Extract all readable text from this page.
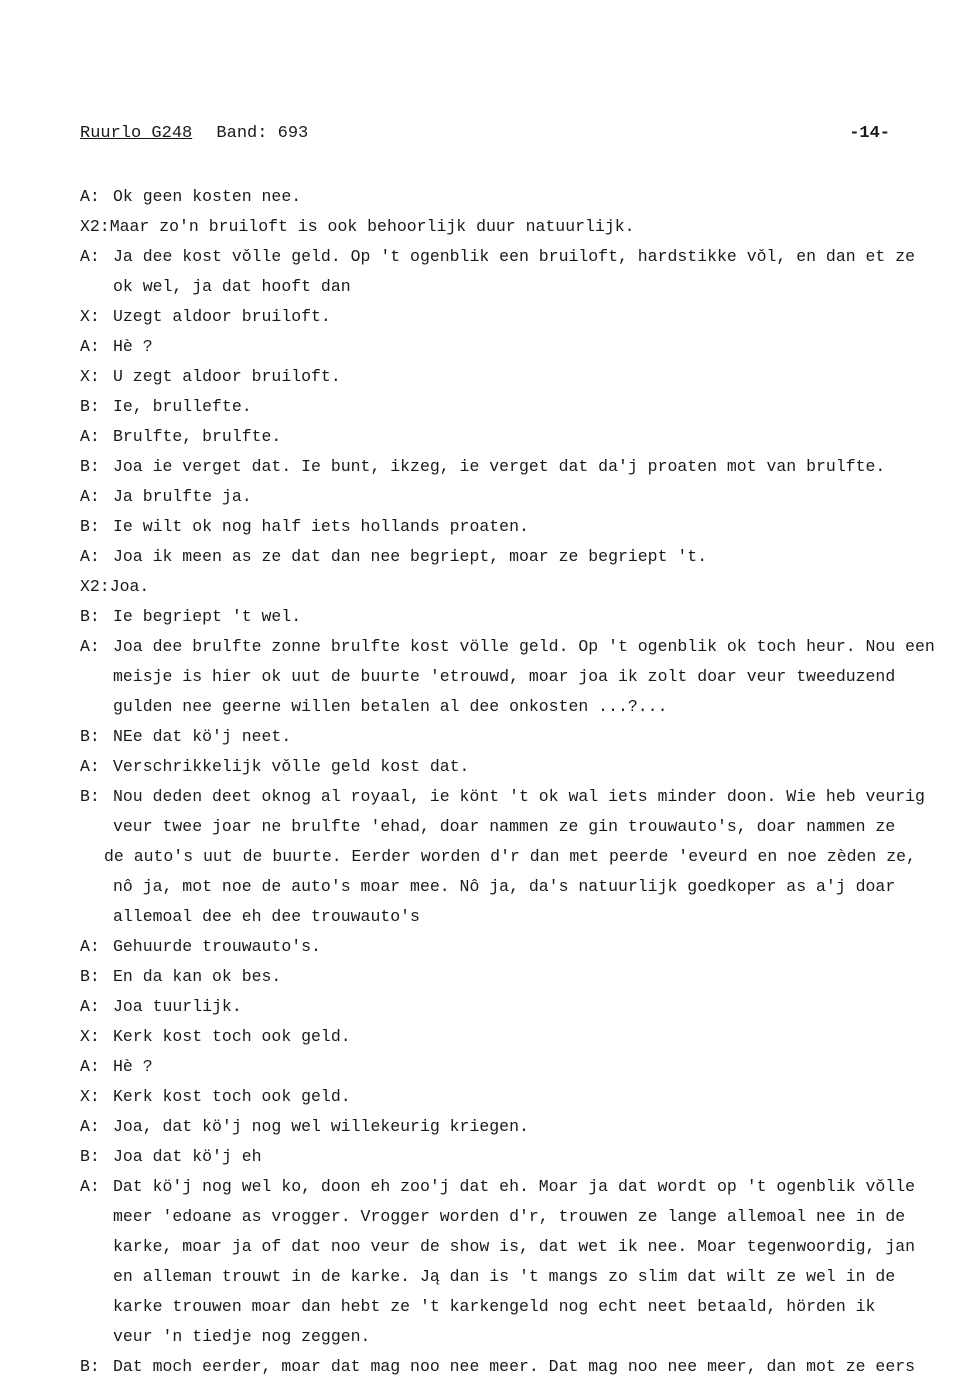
Ruurlo G248 Band: 693	-14-
A: Ok geen kosten nee.
X2:Maar zo'n bruiloft is ook behoorlijk duur natuurlijk.
A: Ja dee kost vǒlle geld. Op 't ogenblik een bruiloft, hardstikke vǒl, en dan et ze
ok wel, ja dat hooft dan
X: Uzegt aldoor bruiloft.
A: Hè ?
X: U zegt aldoor bruiloft.
B: Ie, brullefte.
A: Brulfte, brulfte.
B: Joa ie verget dat. Ie bunt, ikzeg, ie verget dat da'j proaten mot van brulfte.
A: Ja brulfte ja.
B: Ie wilt ok nog half iets hollands proaten.
A: Joa ik meen as ze dat dan nee begriept, moar ze begriept 't.
X2:Joa.
B: Ie begriept 't wel.
A: Joa dee brulfte zonne brulfte kost völle geld. Op 't ogenblik ok toch heur. Nou een
meisje is hier ok uut de buurte 'etrouwd, moar joa ik zolt doar veur tweeduzend
gulden nee geerne willen betalen al dee onkosten ...?...
B: NEe dat kö'j neet.
A: Verschrikkelijk vǒlle geld kost dat.
B: Nou deden deet oknog al royaal, ie könt 't ok wal iets minder doon. Wie heb veurig
veur twee joar ne brulfte 'ehad, doar nammen ze gin trouwauto's, doar nammen ze
de auto's uut de buurte. Eerder worden d'r dan met peerde 'eveurd en noe zèden ze,
nô ja, mot noe de auto's moar mee. Nô ja, da's natuurlijk goedkoper as a'j doar
allemoal dee eh dee trouwauto's
A: Gehuurde trouwauto's.
B: En da kan ok bes.
A: Joa tuurlijk.
X: Kerk kost toch ook geld.
A: Hè ?
X: Kerk kost toch ook geld.
A: Joa, dat kö'j nog wel willekeurig kriegen.
B: Joa dat kö'j eh
A: Dat kö'j nog wel ko, doon eh zoo'j dat eh. Moar ja dat wordt op 't ogenblik vǒlle
meer 'edoane as vrogger. Vrogger worden d'r, trouwen ze lange allemoal nee in de
karke, moar ja of dat noo veur de show is, dat wet ik nee. Moar tegenwoordig, jan
en alleman trouwt in de karke. Ją dan is 't mangs zo slim dat wilt ze wel in de
karke trouwen moar dan hebt ze 't karkengeld nog echt neet betaald, hörden ik
veur 'n tiedje nog zeggen.
B: Dat moch eerder, moar dat mag noo nee meer. Dat mag noo nee meer, dan mot ze eers
